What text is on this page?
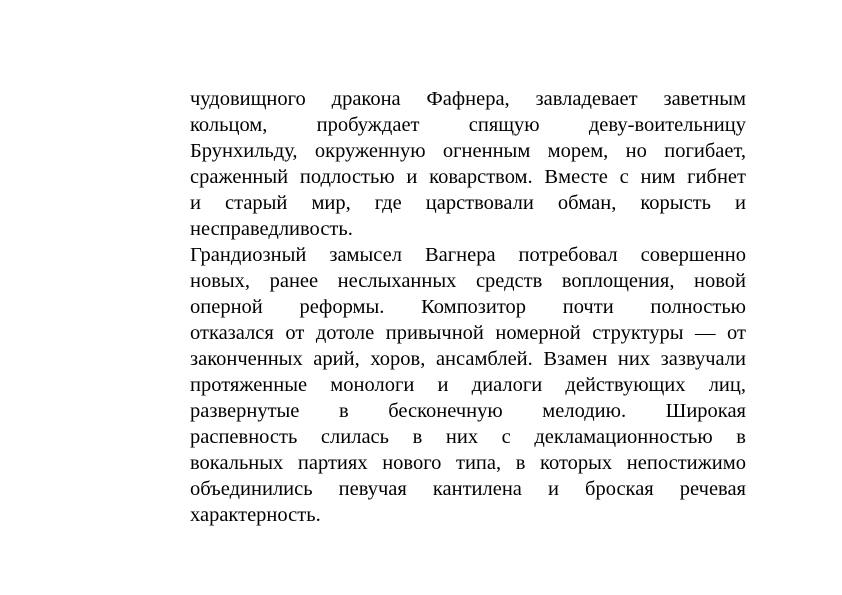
чудовищного дракона Фафнера, завладевает заветным
кольцом, пробуждает спящую деву-воительницу
Брунхильду, окруженную огненным морем, но погибает,
сраженный подлостью и коварством. Вместе с ним гибнет
и старый мир, где царствовали обман, корысть и
несправедливость.
Грандиозный замысел Вагнера потребовал совершенно
новых, ранее неслыханных средств воплощения, новой
оперной реформы. Композитор почти полностью
отказался от дотоле привычной номерной структуры — от
законченных арий, хоров, ансамблей. Взамен них зазвучали
протяженные монологи и диалоги действующих лиц,
развернутые в бесконечную мелодию. Широкая
распевность слилась в них с декламационностью в
вокальных партиях нового типа, в которых непостижимо
объединились певучая кантилена и броская речевая
характерность.
